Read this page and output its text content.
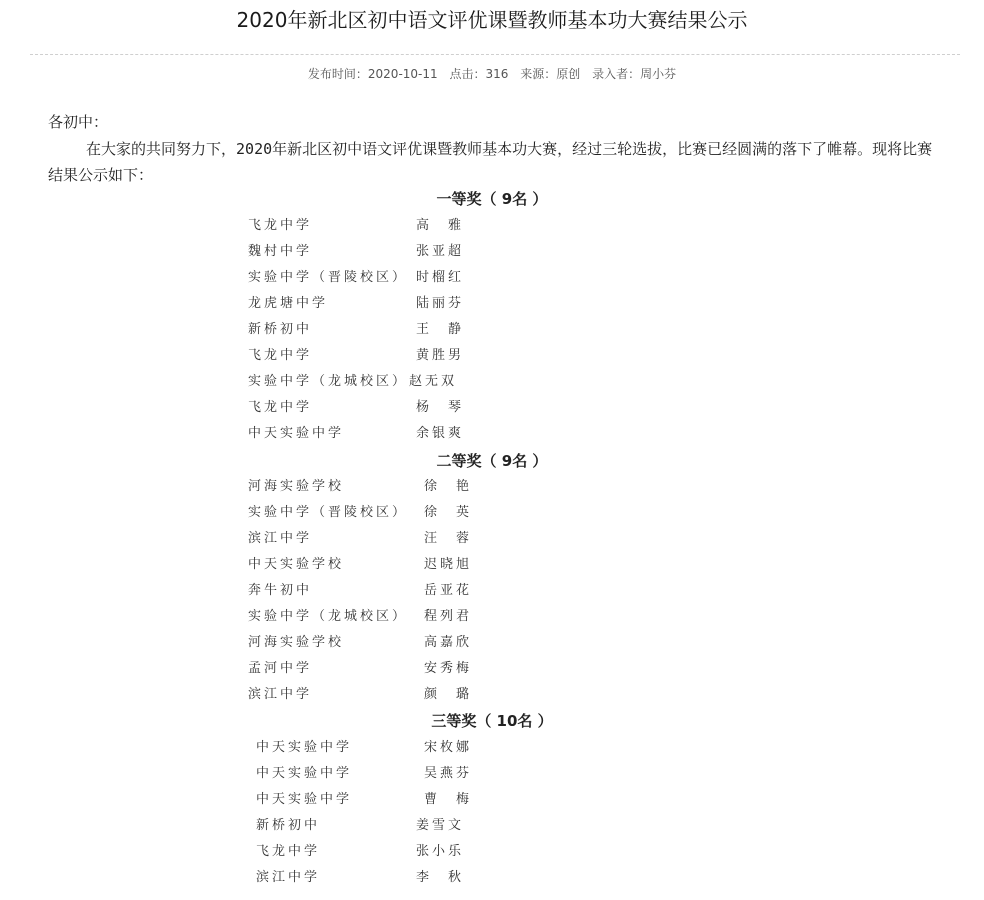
2020年新北区初中语文评优课暨教师基本功大赛结果公示
发布时间：2020-10-11 点击：316 来源：原创 录入者：周小芬
各初中：
在大家的共同努力下，2020年新北区初中语文评优课暨教师基本功大赛，经过三轮选拔，比赛已经圆满的落下了帷幕。现将比赛结果公示如下：
一等奖（ 9名 ）
飞龙中学	高　雅
魏村中学	张亚超
实验中学（晋陵校区） 时榴红
龙虎塘中学	陆丽芬
新桥初中	王　静
飞龙中学	黄胜男
实验中学（龙城校区） 赵无双
飞龙中学	杨　琴
中天实验中学	余银爽
二等奖（ 9名 ）
河海实验学校	徐　艳
实验中学（晋陵校区） 徐　英
滨江中学	汪　蓉
中天实验学校	迟晓旭
奔牛初中	岳亚花
实验中学（龙城校区） 程列君
河海实验学校	高嘉欣
孟河中学	安秀梅
滨江中学	颜　璐
三等奖（ 10名 ）
中天实验中学	宋枚娜
中天实验中学	吴燕芬
中天实验中学	曹　梅
新桥初中	姜雪文
飞龙中学	张小乐
滨江中学	李　秋
